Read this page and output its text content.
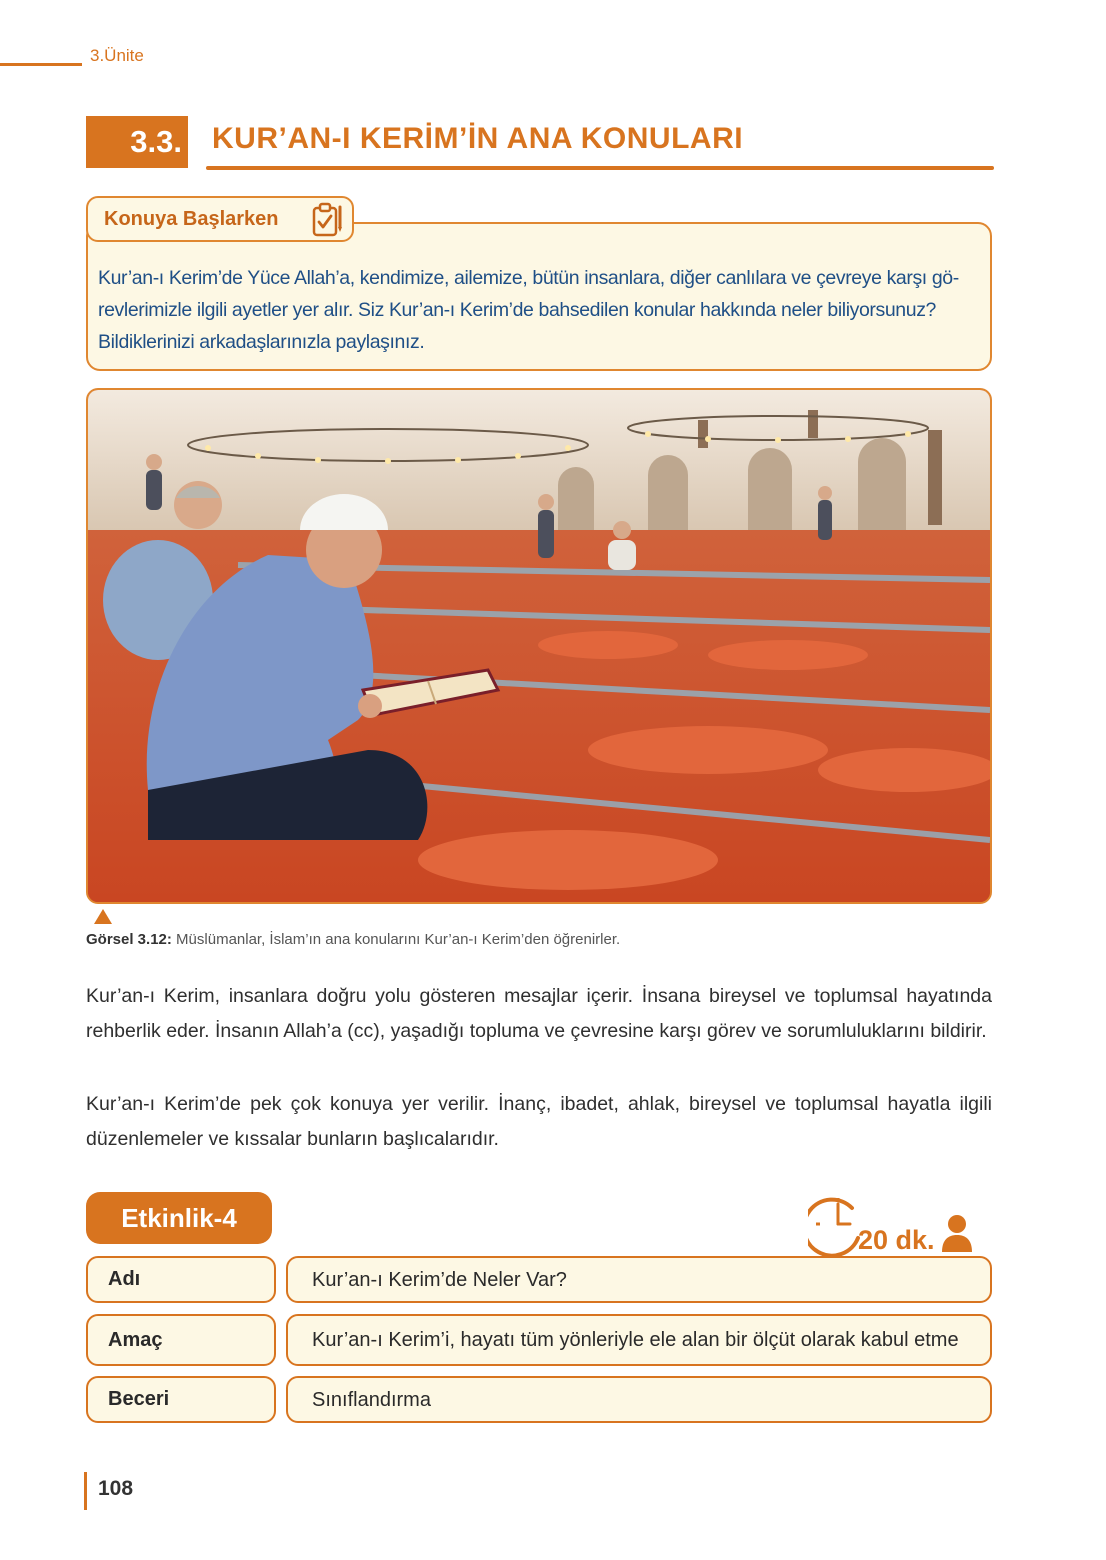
3.Ünite
3.3. KUR’AN-I KERİM’İN ANA KONULARI
Konuya Başlarken
Kur’an-ı Kerim’de Yüce Allah’a, kendimize, ailemize, bütün insanlara, diğer canlılara ve çevreye karşı gö-revlerimizle ilgili ayetler yer alır. Siz Kur’an-ı Kerim’de bahsedilen konular hakkında neler biliyorsunuz? Bildiklerinizi arkadaşlarınızla paylaşınız.
Görsel 3.12: Müslümanlar, İslam’ın ana konularını Kur’an-ı Kerim’den öğrenirler.
Kur’an-ı Kerim, insanlara doğru yolu gösteren mesajlar içerir. İnsana bireysel ve toplumsal hayatında rehberlik eder. İnsanın Allah’a (cc), yaşadığı topluma ve çevresine karşı görev ve sorumluluklarını bildirir.
Kur’an-ı Kerim’de pek çok konuya yer verilir. İnanç, ibadet, ahlak, bireysel ve toplumsal hayatla ilgili düzenlemeler ve kıssalar bunların başlıcalarıdır.
Etkinlik-4
20 dk.
Adı	Kur’an-ı Kerim’de Neler Var?
Amaç	Kur’an-ı Kerim’i, hayatı tüm yönleriyle ele alan bir ölçüt olarak kabul etme
Beceri	Sınıflandırma
108
